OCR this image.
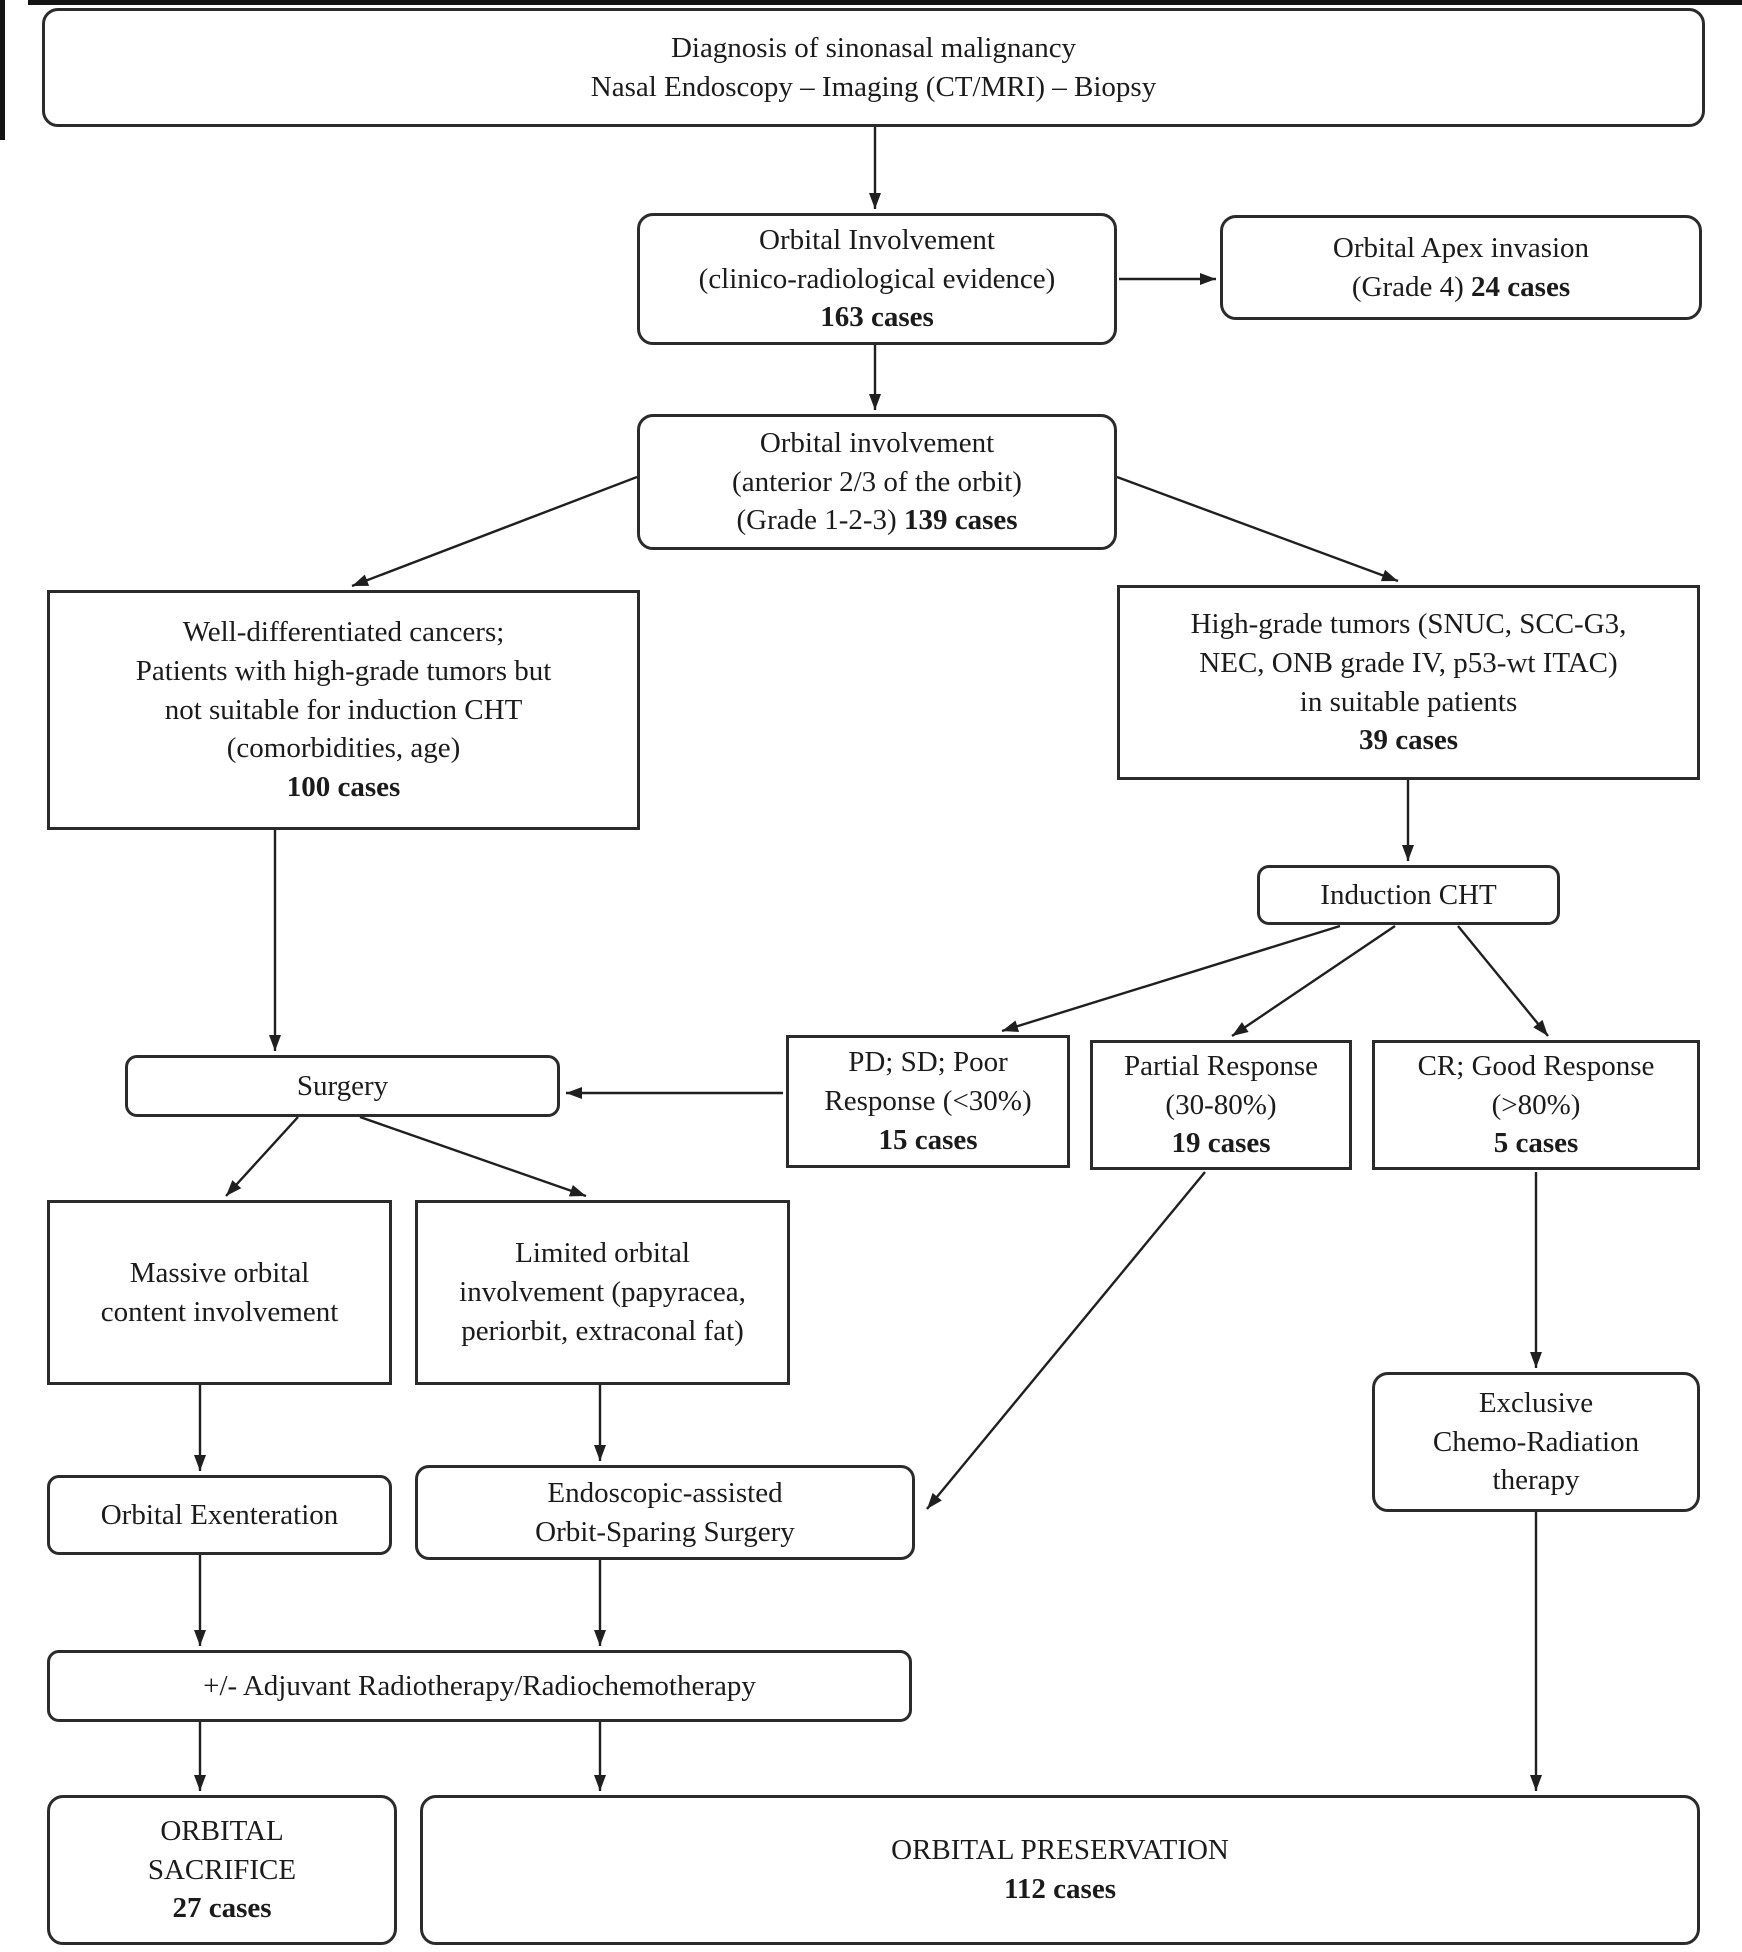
Diagnosis of sinonasal malignancy
Nasal Endoscopy – Imaging (CT/MRI) – Biopsy
Orbital Involvement
(clinico-radiological evidence)
163 cases
Orbital Apex invasion
(Grade 4) 24 cases
Orbital involvement
(anterior 2/3 of the orbit)
(Grade 1-2-3) 139 cases
Well-differentiated cancers;
Patients with high-grade tumors but
not suitable for induction CHT
(comorbidities, age)
100 cases
High-grade tumors (SNUC, SCC-G3,
NEC, ONB grade IV, p53-wt ITAC)
in suitable patients
39 cases
Induction CHT
PD; SD; Poor
Response (<30%)
15 cases
Partial Response
(30-80%)
19 cases
CR; Good Response
(>80%)
5 cases
Surgery
Massive orbital
content involvement
Limited orbital
involvement (papyracea,
periorbit, extraconal fat)
Exclusive
Chemo-Radiation
therapy
Orbital Exenteration
Endoscopic-assisted
Orbit-Sparing Surgery
+/- Adjuvant Radiotherapy/Radiochemotherapy
ORBITAL
SACRIFICE
27 cases
ORBITAL PRESERVATION
112 cases
